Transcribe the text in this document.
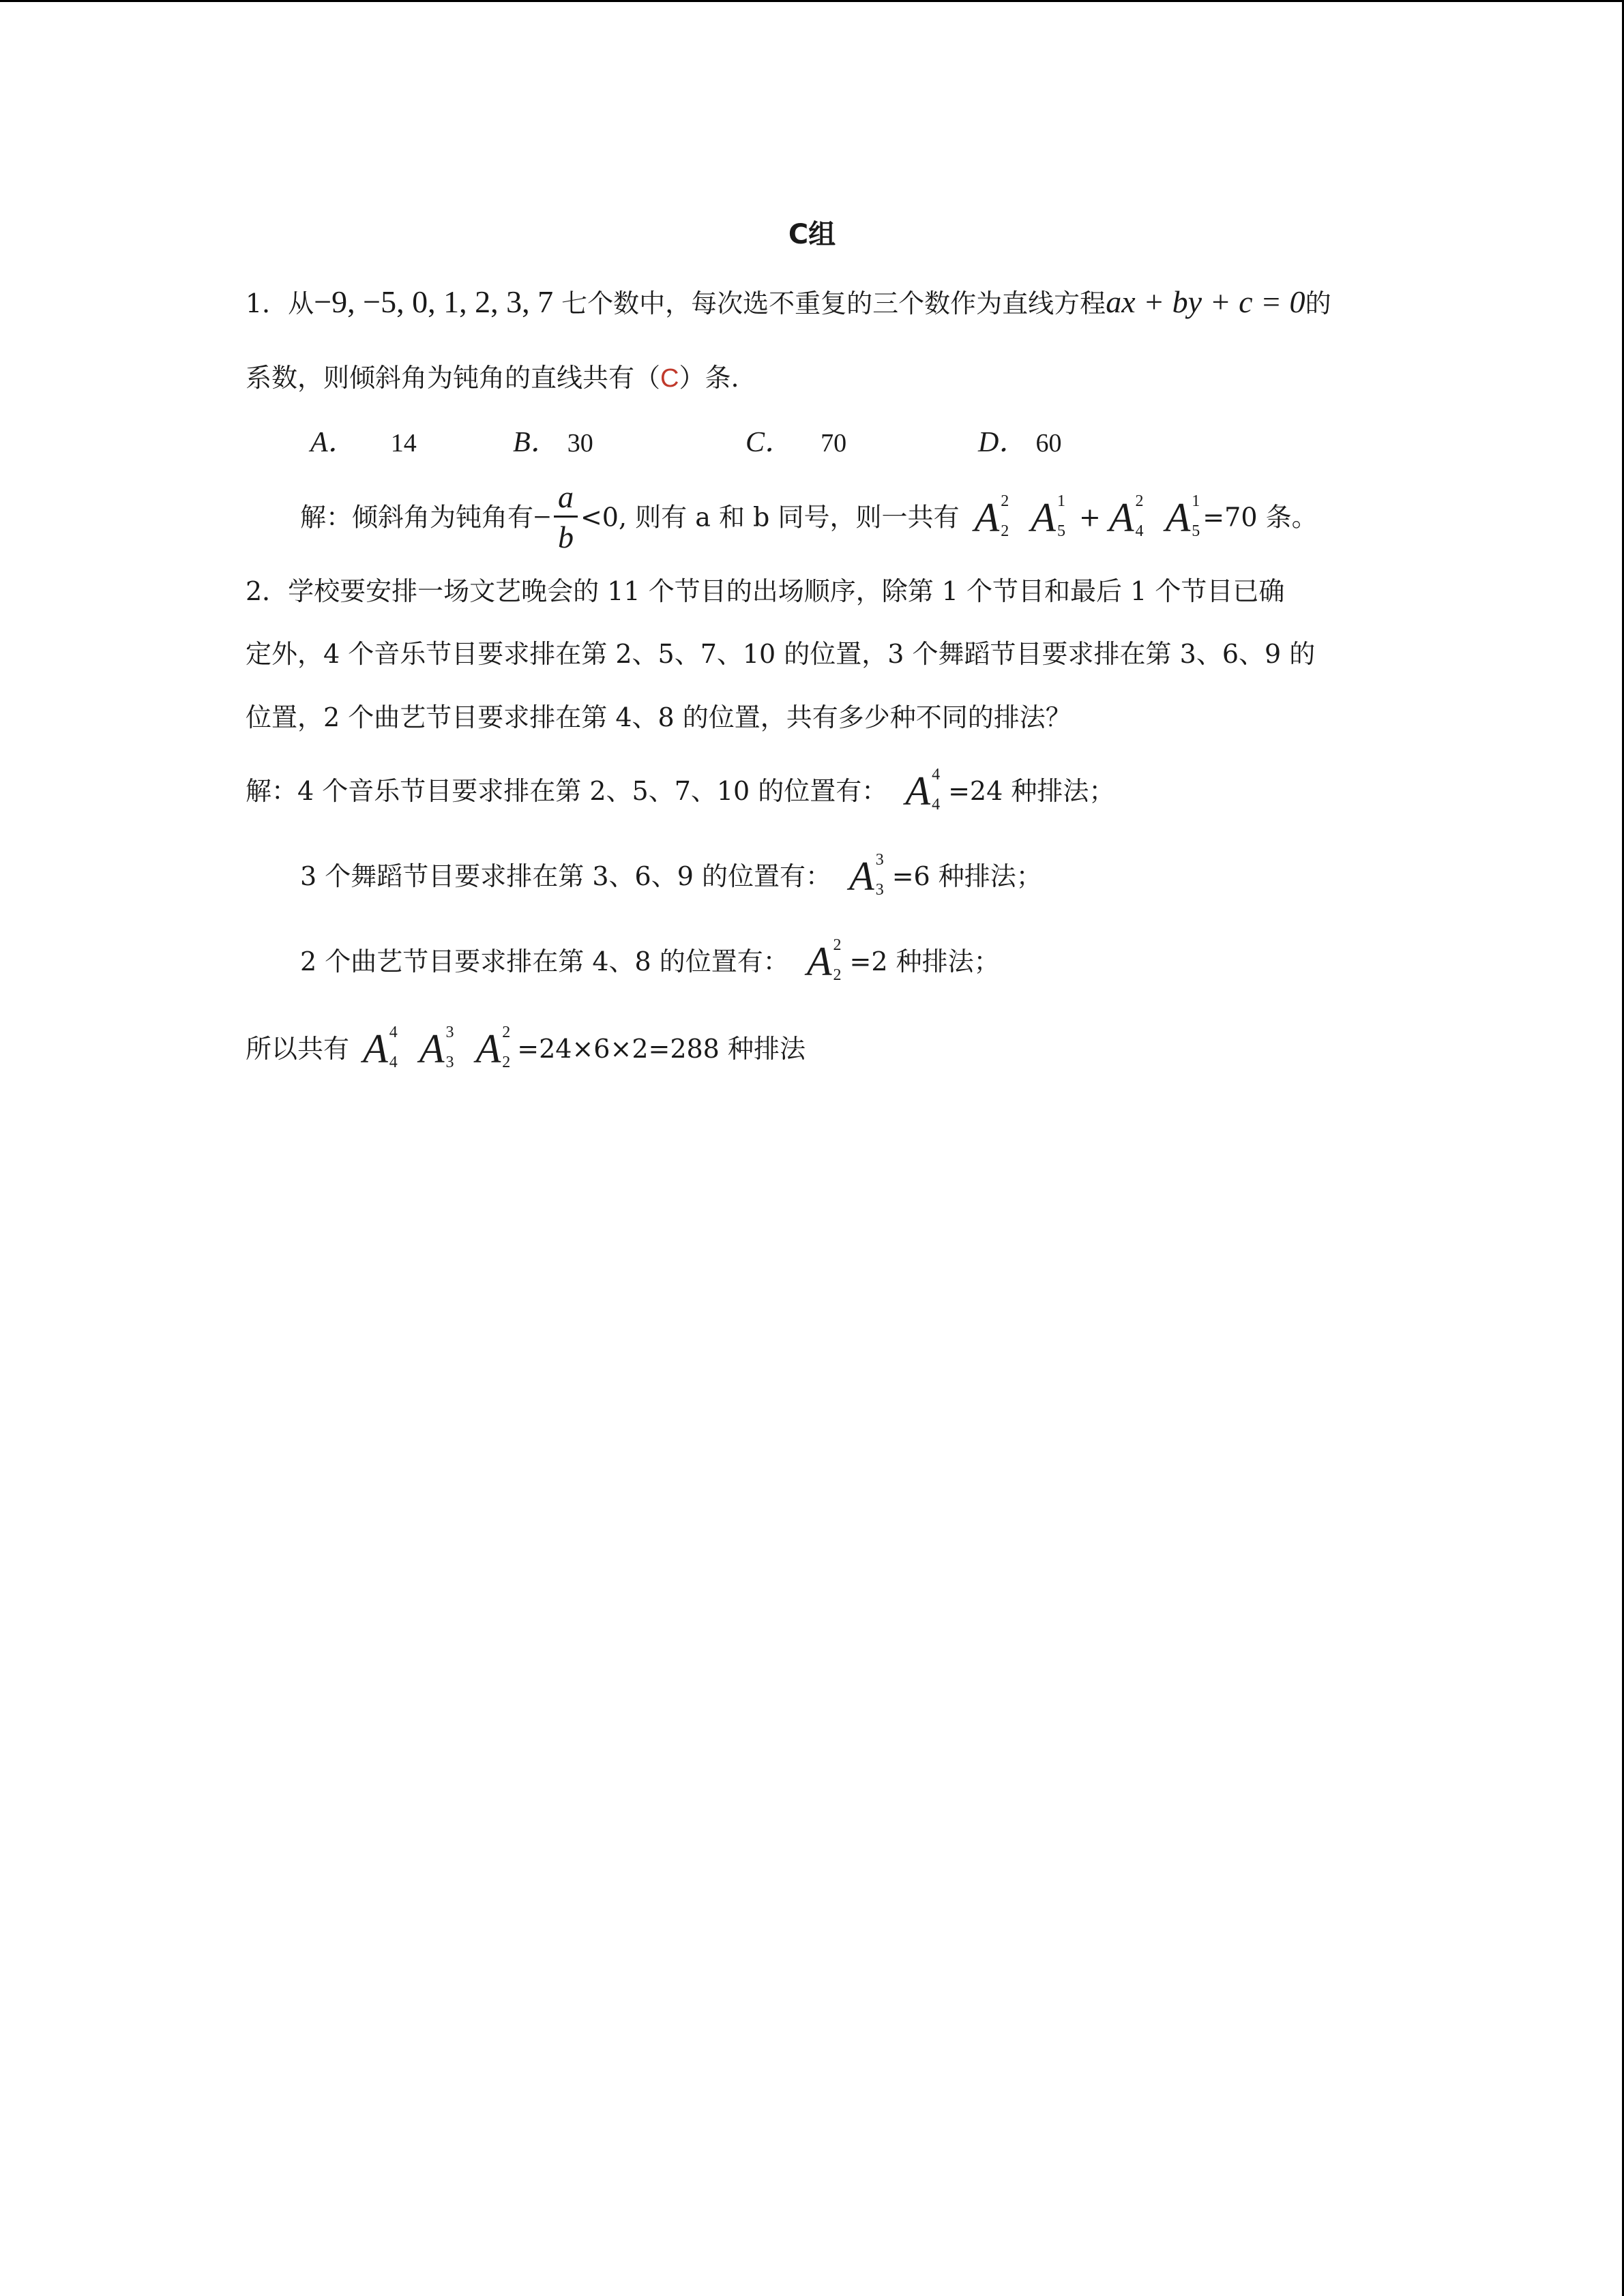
C组
1．从−9, −5, 0, 1, 2, 3, 7 七个数中，每次选不重复的三个数作为直线方程ax + by + c = 0的
系数，则倾斜角为钝角的直线共有（C）条.
A． 14	B． 30	C． 70	D． 60
解：倾斜角为钝角有− $\frac{a}{b} <0$, 则有 a 和 b 同号，则一共有 A 2
2 A 1
5 + A 2
4 A 1
5 =70 条。
2．学校要安排一场文艺晚会的 11 个节目的出场顺序，除第 1 个节目和最后 1 个节目已确
定外，4 个音乐节目要求排在第 2、5、7、10 的位置，3 个舞蹈节目要求排在第 3、6、9 的
位置，2 个曲艺节目要求排在第 4、8 的位置，共有多少种不同的排法？
解：4 个音乐节目要求排在第 2、5、7、10 的位置有： A 4
4 =24 种排法；
3 个舞蹈节目要求排在第 3、6、9 的位置有： A 3
3 =6 种排法；
2 个曲艺节目要求排在第 4、8 的位置有： A 2
2 =2 种排法；
所以共有 A 4
4 A 3
3 A 2
2 =24×6×2=288 种排法
